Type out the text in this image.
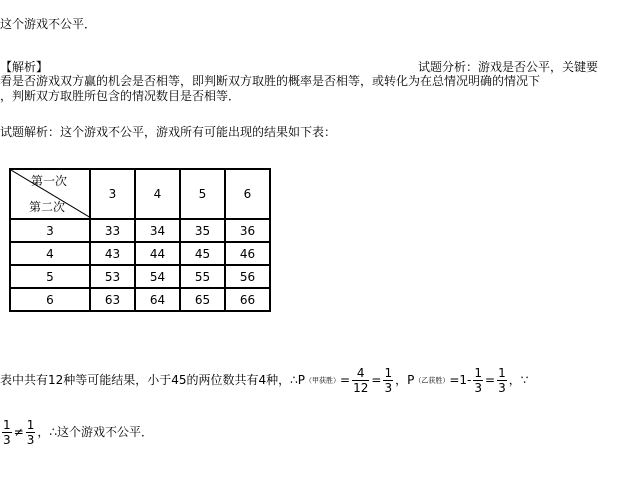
这个游戏不公平．
【解析】	试题分析：游戏是否公平，关键要
看是否游戏双方赢的机会是否相等，即判断双方取胜的概率是否相等，或转化为在总情况明确的情况下
，判断双方取胜所包含的情况数目是否相等．
试题解析：这个游戏不公平，游戏所有可能出现的结果如下表：
第一次
第二次	3	4	5	6
3	33	34	35	36
4	43	44	45	46
5	53	54	55	56
6	63	64	65	66
表中共有12种等可能结果，小于45的两位数共有4种，∴P（甲获胜）= $\frac{4}{12} = \frac{1}{3}$ ，P（乙获胜）$=1- \frac{1}{3} = \frac{1}{3}$ ，∵
$\frac{1}{3} \ne \frac{1}{3}$ ，∴这个游戏不公平．
